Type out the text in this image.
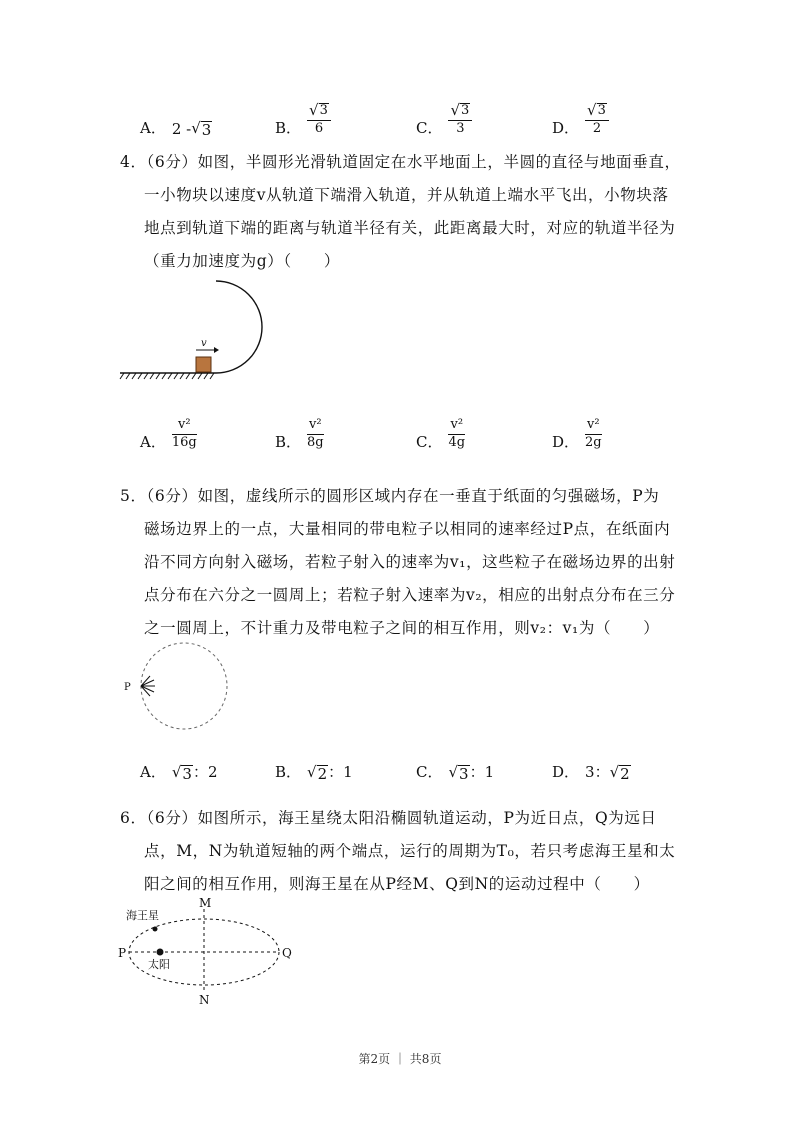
A． 2 - √ 3	B． $\frac{√ 3}{6}$	C． $\frac{√ 3}{3}$	D． $\frac{√ 3}{2}$
4．（6分）如图，半圆形光滑轨道固定在水平地面上，半圆的直径与地面垂直，
一小物块以速度v从轨道下端滑入轨道，并从轨道上端水平飞出，小物块落
地点到轨道下端的距离与轨道半径有关，此距离最大时，对应的轨道半径为
（重力加速度为g）（　　）
v
A． $\frac{\text{v²}}{16g}$	B． $\frac{\text{v²}}{8g}$	C． $\frac{\text{v²}}{4g}$	D． $\frac{\text{v²}}{2g}$
5．（6分）如图，虚线所示的圆形区域内存在一垂直于纸面的匀强磁场，P为
磁场边界上的一点，大量相同的带电粒子以相同的速率经过P点，在纸面内
沿不同方向射入磁场，若粒子射入的速率为v₁，这些粒子在磁场边界的出射
点分布在六分之一圆周上；若粒子射入速率为v₂，相应的出射点分布在三分
之一圆周上，不计重力及带电粒子之间的相互作用，则v₂：v₁为（　　）
P
A． √ 3 ：2	B． √ 2 ：1	C． √ 3 ：1	D． 3： √ 2
6．（6分）如图所示，海王星绕太阳沿椭圆轨道运动，P为近日点，Q为远日
点，M，N为轨道短轴的两个端点，运行的周期为T₀，若只考虑海王星和太
阳之间的相互作用，则海王星在从P经M、Q到N的运动过程中（　　）
海王星
太阳
P	Q
M
N
第2页 ｜ 共8页
